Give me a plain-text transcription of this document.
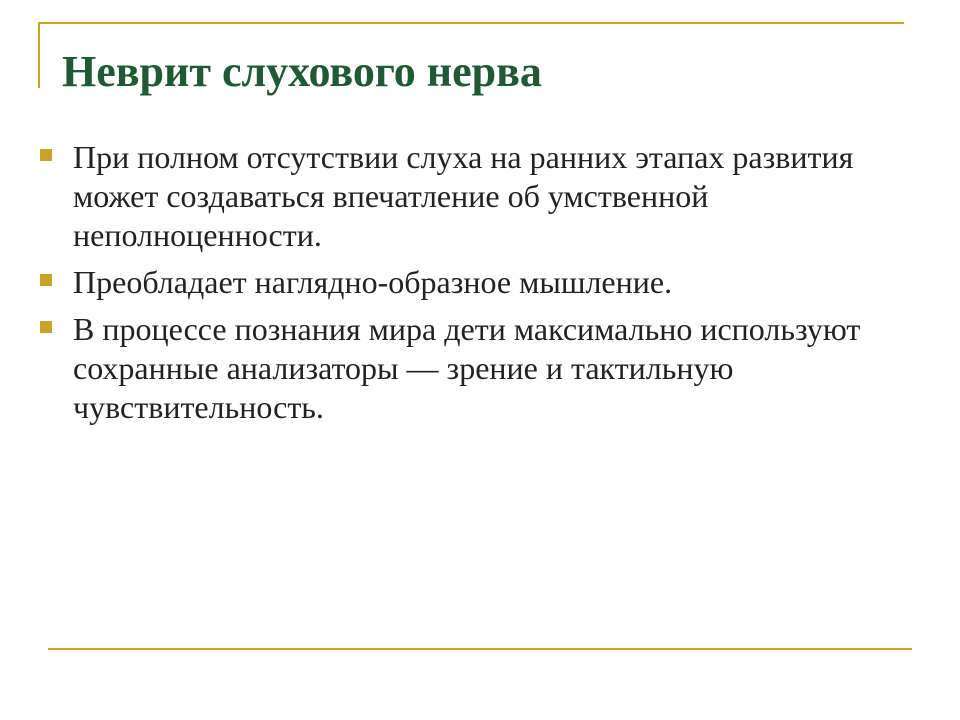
Неврит слухового нерва
При полном отсутствии слуха на ранних этапах развития может создаваться впечатление об умственной неполноценности.
Преобладает наглядно-образное мышление.
В процессе познания мира дети максимально используют сохранные анализаторы — зрение и тактильную чувствительность.
